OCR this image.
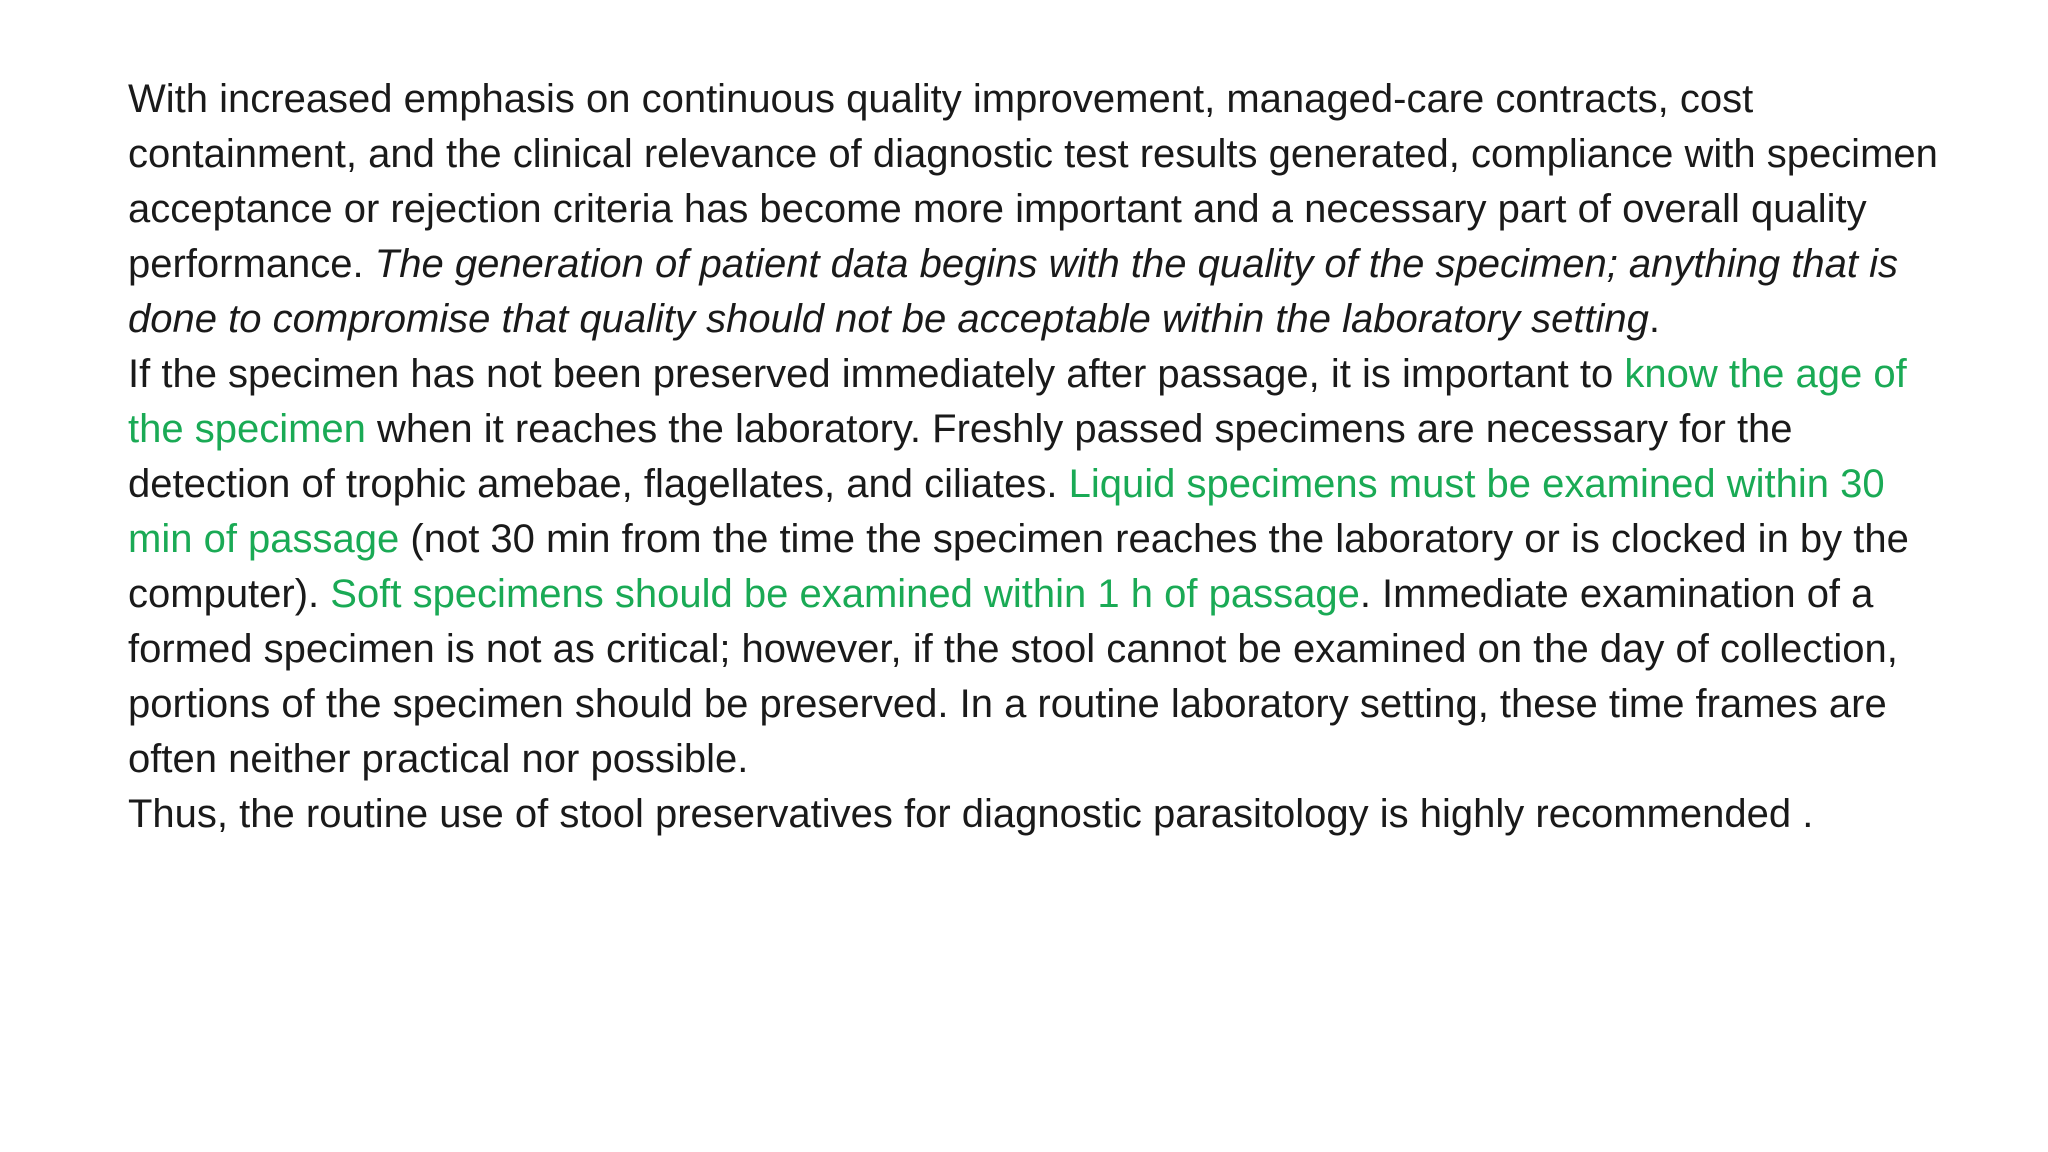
With increased emphasis on continuous quality improvement, managed-care contracts, cost containment, and the clinical relevance of diagnostic test results generated, compliance with specimen acceptance or rejection criteria has become more important and a necessary part of overall quality performance. The generation of patient data begins with the quality of the specimen; anything that is done to compromise that quality should not be acceptable within the laboratory setting.

If the specimen has not been preserved immediately after passage, it is important to know the age of the specimen when it reaches the laboratory. Freshly passed specimens are necessary for the detection of trophic amebae, flagellates, and ciliates. Liquid specimens must be examined within 30 min of passage (not 30 min from the time the specimen reaches the laboratory or is clocked in by the computer). Soft specimens should be examined within 1 h of passage. Immediate examination of a formed specimen is not as critical; however, if the stool cannot be examined on the day of collection, portions of the specimen should be preserved. In a routine laboratory setting, these time frames are often neither practical nor possible.

Thus, the routine use of stool preservatives for diagnostic parasitology is highly recommended .
